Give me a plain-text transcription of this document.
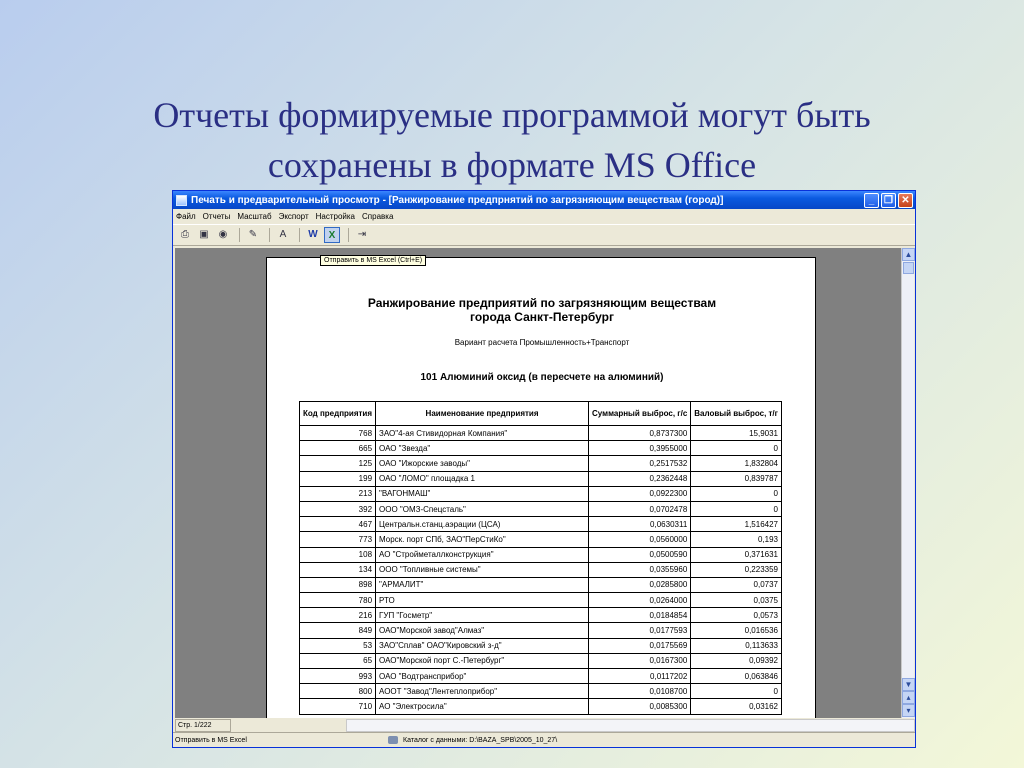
Отчеты формируемые программой могут быть
сохранены в формате MS Office
Печать и предварительный просмотр - [Ранжирование предпрнятий по загрязняющим веществам (город)]	_ ❐ ✕
Файл Отчеты Масштаб Экспорт Настройка Справка
⎙	▣ ◉	✎	A	W	X	⇥
Отправить в MS Excel (Ctrl+E)
Ранжирование предприятий по загрязняющим веществам
города Санкт-Петербург
Вариант расчета Промышленность+Транспорт
101 Алюминий оксид (в пересчете на алюминий)
Код предприятия	Наименование предприятия	Суммарный выброс, г/с	Валовый выброс, т/г
768	ЗАО"4-ая Стивидорная Компания"	0,8737300	15,9031
665	ОАО "Звезда"	0,3955000	0
125	ОАО "Ижорские заводы"	0,2517532	1,832804
199	ОАО "ЛОМО" площадка 1	0,2362448	0,839787
213	"ВАГОНМАШ"	0,0922300	0
392	ООО "ОМЗ-Спецсталь"	0,0702478	0
467	Центральн.станц.аэрации (ЦСА)	0,0630311	1,516427
773	Морск. порт СПб, ЗАО"ПерСтиКо"	0,0560000	0,193
108	АО "Стройметаллконструкция"	0,0500590	0,371631
134	ООО "Топливные системы"	0,0355960	0,223359
898	"АРМАЛИТ"	0,0285800	0,0737
780	РТО	0,0264000	0,0375
216	ГУП "Госметр"	0,0184854	0,0573
849	ОАО"Морской завод"Алмаз"	0,0177593	0,016536
53	ЗАО"Сплав" ОАО"Кировский з-д"	0,0175569	0,113633
65	ОАО"Морской порт С.-Петербург"	0,0167300	0,09392
993	ОАО "Водтрансприбор"	0,0117202	0,063846
800	АООТ "Завод"Лентеплоприбор"	0,0108700	0
710	АО "Электросила"	0,0085300	0,03162
▲
▼
▴
▾
Стр. 1/222
Отправить в MS Excel	Каталог с данными: D:\BAZA_SPB\2005_10_27\
